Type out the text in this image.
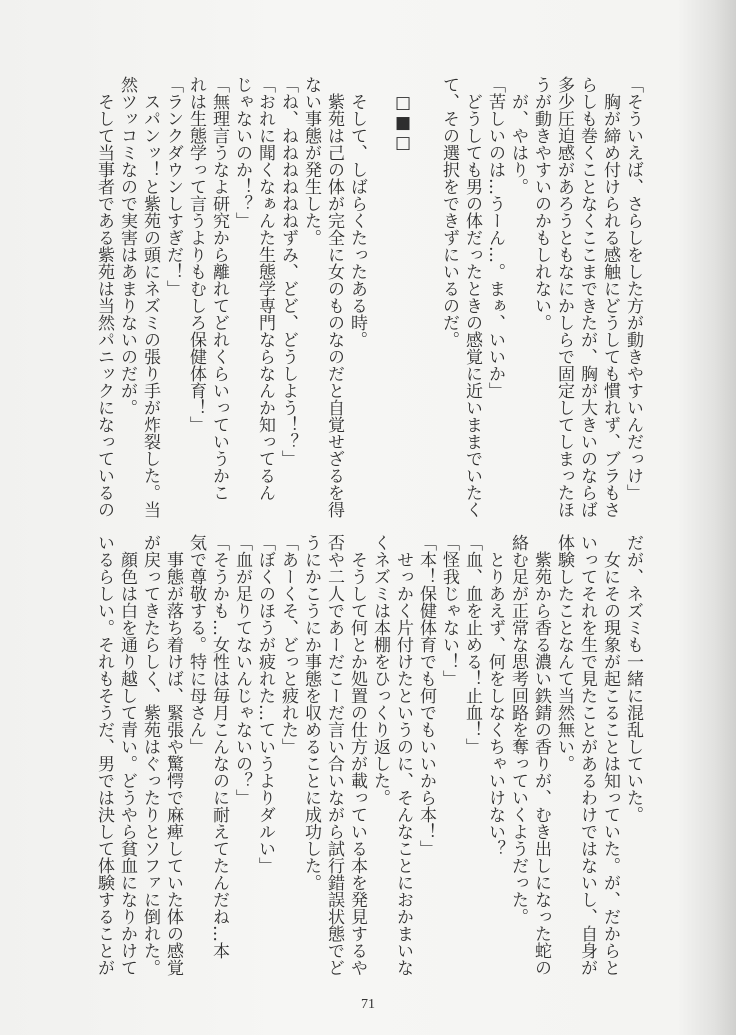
「そういえば、さらしをした方が動きやすいんだっけ」
胸が締め付けられる感触にどうしても慣れず、ブラもさ
らしも巻くことなくここまできたが、胸が大きいのならば
多少圧迫感があろうともなにかしらで固定してしまったほ
うが動きやすいのかもしれない。
が、やはり。
「苦しいのは…うーん…。まぁ、いいか」
どうしても男の体だったときの感覚に近いままでいたく
て、その選択をできずにいるのだ。
□■□
そして、しばらくたったある時。
紫苑は己の体が完全に女のものなのだと自覚せざるを得
ない事態が発生した。
「ね、ねねねねねねずみ、どど、どうしよう！？」
「おれに聞くなぁんた生態学専門ならなんか知ってるん
じゃないのか！？」
「無理言うなよ研究から離れてどれくらいっていうかこ
れは生態学って言うよりもむしろ保健体育！」
「ランクダウンしすぎだ！」
スパンッ！と紫苑の頭にネズミの張り手が炸裂した。当
然ツッコミなので実害はあまりないのだが。
そして当事者である紫苑は当然パニックになっているの
だが、ネズミも一緒に混乱していた。
女にその現象が起こることは知っていた。が、だからと
いってそれを生で見たことがあるわけではないし、自身が
体験したことなんて当然無い。
紫苑から香る濃い鉄錆の香りが、むき出しになった蛇の
絡む足が正常な思考回路を奪っていくようだった。
とりあえず、何をしなくちゃいけない？
「血、血を止める！止血！」
「怪我じゃない！」
「本！保健体育でも何でもいいから本！」
せっかく片付けたというのに、そんなことにおかまいな
くネズミは本棚をひっくり返した。
そうして何とか処置の仕方が載っている本を発見するや
否や二人であーだこーだ言い合いながら試行錯誤状態でど
うにかこうにか事態を収めることに成功した。
「あーくそ、どっと疲れた」
「ぼくのほうが疲れた…ていうよりダルい」
「血が足りてないんじゃないの？」
「そうかも…女性は毎月こんなのに耐えてたんだね…本
気で尊敬する。特に母さん」
事態が落ち着けば、緊張や驚愕で麻痺していた体の感覚
が戻ってきたらしく、紫苑はぐったりとソファに倒れた。
顔色は白を通り越して青い。どうやら貧血になりかけて
いるらしい。それもそうだ、男では決して体験することが
71
